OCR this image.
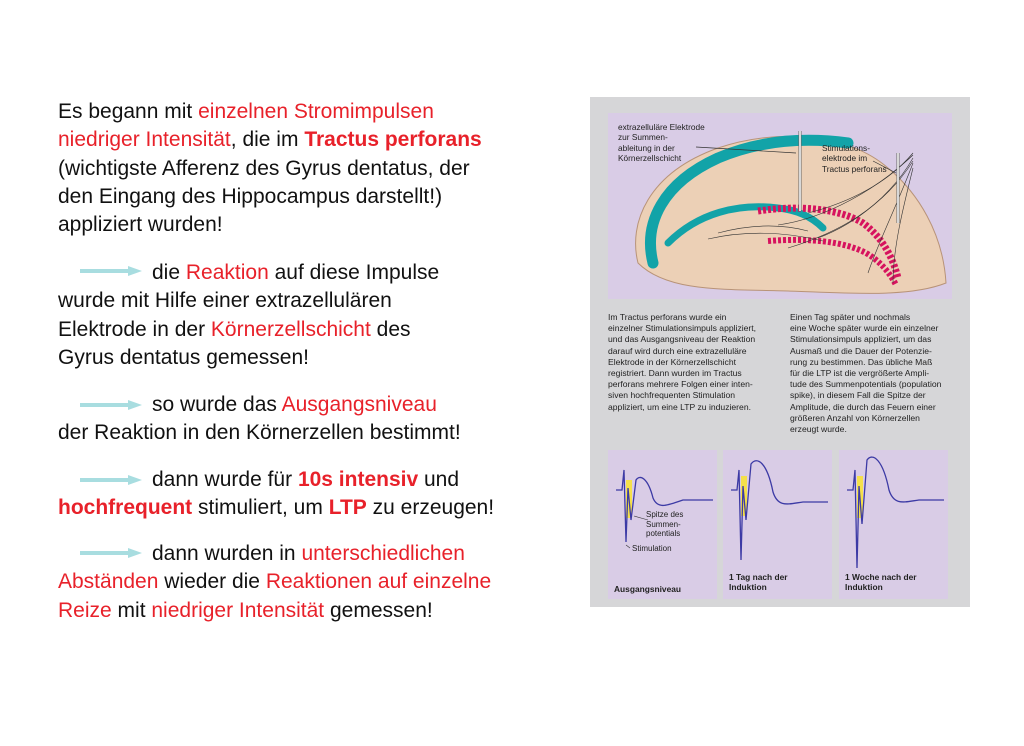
Es begann mit einzelnen Stromimpulsen
niedriger Intensität, die im Tractus perforans
(wichtigste Afferenz des Gyrus dentatus, der
den Eingang des Hippocampus darstellt!)
appliziert wurden!
die Reaktion auf diese Impulse
wurde mit Hilfe einer extrazellulären
Elektrode in der Körnerzellschicht des
Gyrus dentatus gemessen!
so wurde das Ausgangsniveau
der Reaktion in den Körnerzellen bestimmt!
dann wurde für 10s intensiv und
hochfrequent stimuliert, um LTP zu erzeugen!
dann wurden in unterschiedlichen
Abständen wieder die Reaktionen auf einzelne
Reize mit niedriger Intensität gemessen!
extrazelluläre Elektrode
zur Summen-
ableitung in der
Körnerzellschicht
Stimulations-
elektrode im
Tractus perforans
Im Tractus perforans wurde ein
einzelner Stimulationsimpuls appliziert,
und das Ausgangsniveau der Reaktion
darauf wird durch eine extrazelluläre
Elektrode in der Körnerzellschicht
registriert. Dann wurden im Tractus
perforans mehrere Folgen einer inten-
siven hochfrequenten Stimulation
appliziert, um eine LTP zu induzieren.
Einen Tag später und nochmals
eine Woche später wurde ein einzelner
Stimulationsimpuls appliziert, um das
Ausmaß und die Dauer der Potenzie-
rung zu bestimmen. Das übliche Maß
für die LTP ist die vergrößerte Ampli-
tude des Summenpotentials (population
spike), in diesem Fall die Spitze der
Amplitude, die durch das Feuern einer
größeren Anzahl von Körnerzellen
erzeugt wurde.
Spitze des
Summen-
potentials
Stimulation
Ausgangsniveau
1 Tag nach der
Induktion
1 Woche nach der
Induktion
